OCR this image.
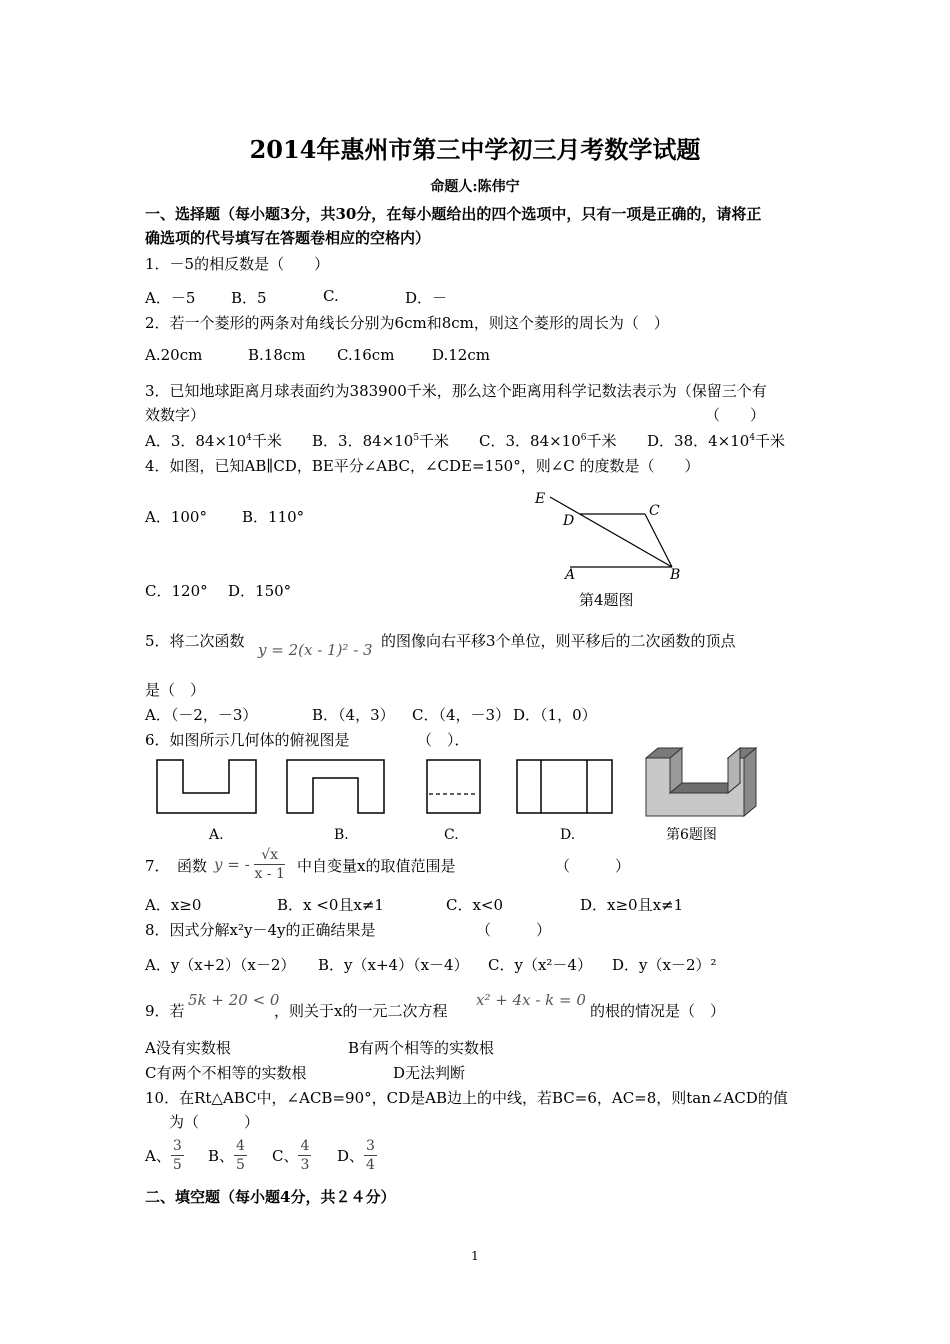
2014年惠州市第三中学初三月考数学试题
命题人:陈伟宁
一、选择题（每小题3分，共30分，在每小题给出的四个选项中，只有一项是正确的，请将正
确选项的代号填写在答题卷相应的空格内）
1．－5的相反数是（　　）
A．－5 B．5	C.	D．－
2．若一个菱形的两条对角线长分别为6cm和8cm，则这个菱形的周长为（　）
A.20cm	B.18cm C.16cm	D.12cm
3．已知地球距离月球表面约为383900千米，那么这个距离用科学记数法表示为（保留三个有
效数字）	（　　）
A．3．$84\times 10^4$千米 B．3．$84\times 10^5$千米 C．3．$84\times 10^6$千米 D．38．$4\times 10^4$千米
4．如图，已知AB∥CD，BE平分∠ABC，∠CDE=150°，则∠C 的度数是（　　）
A．100° B．110°
C．120° D．150°
E
D
C
A	B
第4题图
5．将二次函数 y = 2(x - 1)² - 3 的图像向右平移3个单位，则平移后的二次函数的顶点
是（　）
A．（－2，－3）	B．（4，3） C．（4，－3） D．（1，0）
6．如图所示几何体的俯视图是　　　　　（　）．
A.	B.	C.	D.	第6题图
7．　函数 y = - $\frac{√x}{x - 1}$ 中自变量x的取值范围是	（　　　）
A．x≥0	B．x <0且x≠1	C．x<0	D．x≥0且x≠1
8．因式分解x²y－4y的正确结果是	（　　　）
A．y（x+2）（x－2） B．y（x+4）（x－4） C．y（x²－4） D．y（x－2）²
9．若
5k + 20 < 0
，则关于x的一元二次方程
x² + 4x - k = 0
的根的情况是（　）
A没有实数根	B有两个相等的实数根
C有两个不相等的实数根	D无法判断
10．在Rt△ABC中，∠ACB=90°，CD是AB边上的中线，若BC=6，AC=8，则tan∠ACD的值
为（　　　）
A、 $\frac{3}{5}$ B、 $\frac{4}{5}$ C、 $\frac{4}{3}$ D、 $\frac{3}{4}$
二、填空题（每小题4分，共２４分）
1
